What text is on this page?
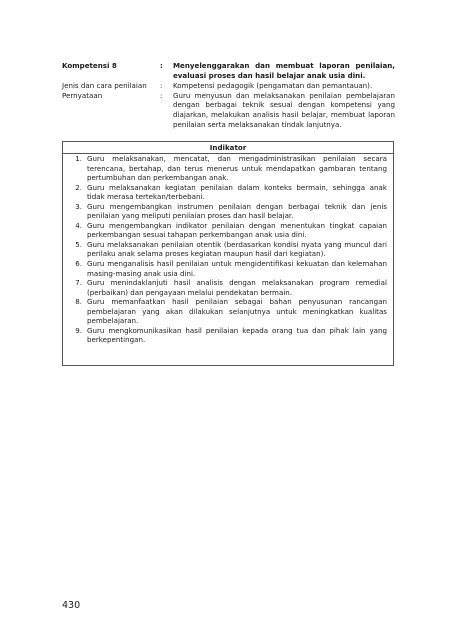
Kompetensi 8	:	Menyelenggarakan dan membuat laporan penilaian, evaluasi proses dan hasil belajar anak usia dini.
Jenis dan cara penilaian	:	Kompetensi pedagogik (pengamatan dan pemantauan).
Pernyataan	:	Guru menyusun dan melaksanakan penilaian pembelajaran dengan berbagai teknik sesuai dengan kompetensi yang diajarkan, melakukan analisis hasil belajar, membuat laporan penilaian serta melaksanakan tindak lanjutnya.
Indikator
1. Guru melaksanakan, mencatat, dan mengadministrasikan penilaian secara terencana, bertahap, dan terus menerus untuk mendapatkan gambaran tentang pertumbuhan dan perkembangan anak.
2. Guru melaksanakan kegiatan penilaian dalam konteks bermain, sehingga anak tidak merasa tertekan/terbebani.
3. Guru mengembangkan instrumen penilaian dengan berbagai teknik dan jenis penilaian yang meliputi penilaian proses dan hasil belajar.
4. Guru mengembangkan indikator penilaian dengan menentukan tingkat capaian perkembangan sesuai tahapan perkembangan anak usia dini.
5. Guru melaksanakan penilaian otentik (berdasarkan kondisi nyata yang muncul dari perilaku anak selama proses kegiatan maupun hasil dari kegiatan).
6. Guru menganalisis hasil penilaian untuk mengidentifikasi kekuatan dan kelemahan masing-masing anak usia dini.
7. Guru menindaklanjuti hasil analisis dengan melaksanakan program remedial (perbaikan) dan pengayaan melalui pendekatan bermain.
8. Guru memanfaatkan hasil penilaian sebagai bahan penyusunan rancangan pembelajaran yang akan dilakukan selanjutnya untuk meningkatkan kualitas pembelajaran.
9. Guru mengkomunikasikan hasil penilaian kepada orang tua dan pihak lain yang berkepentingan.
430
